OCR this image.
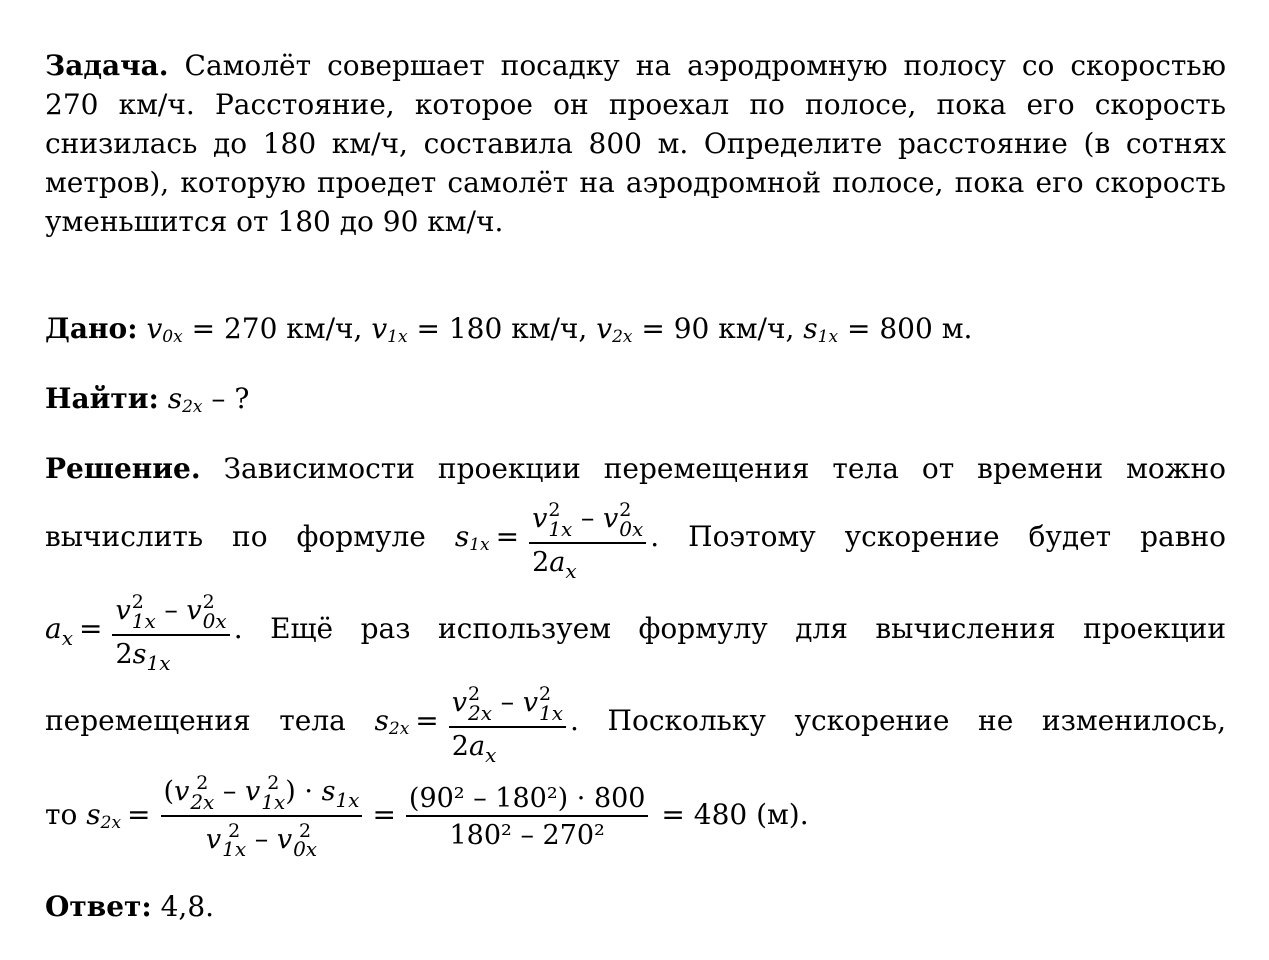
Задача. Самолёт совершает посадку на аэродромную полосу со скоростью 270 км/ч. Расстояние, которое он проехал по полосе, пока его скорость снизилась до 180 км/ч, составила 800 м. Определите расстояние (в сотнях метров), которую проедет самолёт на аэродромной полосе, пока его скорость уменьшится от 180 до 90 км/ч.

Дано: $v_{0x} = 270$ км/ч, $v_{1x} = 180$ км/ч, $v_{2x} = 90$ км/ч, $s_{1x} = 800$ м.
Найти: $s_{2x}$ – ?
Решение. Зависимости проекции перемещения тела от времени можно
вычислить по формуле $s_{1x} = v$ 2
1x – v 2
0x
$2a_x$ . Поэтому ускорение будет равно
$a_x = v$ 2
1x – v 2
0x
$2s_{1x}$ . Ещё раз используем формулу для вычисления проекции
перемещения тела $s_{2x} = v$ 2
2x – v 2
1x
$2a_x$ . Поскольку ускорение не изменилось,
то $s_{2x} = (v$ 2
2x – v 2
1x ) · $s_{1x}$
v 2
1x – v 2
$0x = \frac{\text{(90² – 180²) · 800}}{\text{180² – 270²}} = 480$ (м).
Ответ: 4,8.
